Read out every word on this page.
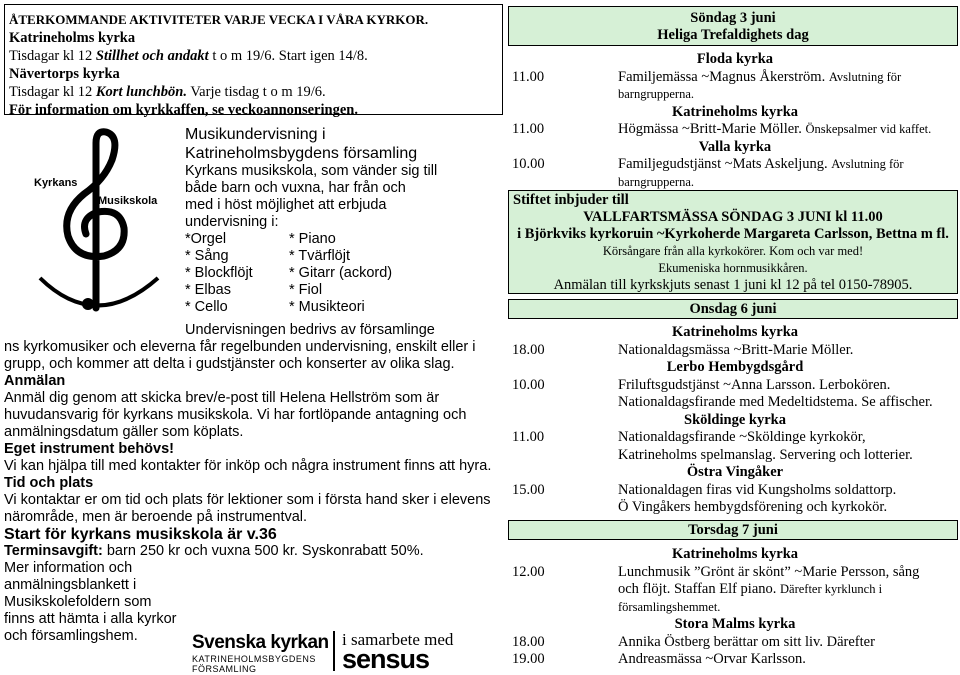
ÅTERKOMMANDE AKTIVITETER VARJE VECKA I VÅRA KYRKOR.
Katrineholms kyrka
Tisdagar kl 12 Stillhet och andakt t o m 19/6. Start igen 14/8.
Nävertorps kyrka
Tisdagar kl 12 Kort lunchbön. Varje tisdag t o m 19/6.
För information om kyrkkaffen, se veckoannonseringen.
Kyrkans
Musikskola
Musikundervisning i
Katrineholmsbygdens församling
Kyrkans musikskola, som vänder sig till
både barn och vuxna, har från och
med i höst möjlighet att erbjuda
undervisning i:
*Orgel	* Piano
* Sång	* Tvärflöjt
* Blockflöjt	* Gitarr (ackord)
* Elbas	* Fiol
* Cello	* Musikteori

Undervisningen bedrivs av församlinge
ns kyrkomusiker och eleverna får regelbunden undervisning, enskilt eller i grupp, och kommer att delta i gudstjänster och konserter av olika slag.

Anmälan

Anmäl dig genom att skicka brev/e-post till Helena Hellström som är huvudansvarig för kyrkans musikskola. Vi har fortlöpande antagning och anmälningsdatum gäller som köplats.

Eget instrument behövs!

Vi kan hjälpa till med kontakter för inköp och några instrument finns att hyra.

Tid och plats

Vi kontaktar er om tid och plats för lektioner som i första hand sker i elevens närområde, men är beroende på instrumentval.

Start för kyrkans musikskola är v.36

Terminsavgift: barn 250 kr och vuxna 500 kr. Syskonrabatt 50%.

Mer information och anmälningsblankett i Musikskolefoldern som finns att hämta i alla kyrkor och församlingshem.	Svenska kyrkan
KATRINEHOLMSBYGDENS
FÖRSAMLING
i samarbete med
sensus
Söndag 3 juni
Heliga Trefaldighets dag
Floda kyrka
11.00	Familjemässa ~Magnus Åkerström. Avslutning för barngrupperna.
Katrineholms kyrka
11.00	Högmässa ~Britt-Marie Möller. Önskepsalmer vid kaffet.
Valla kyrka
10.00	Familjegudstjänst ~Mats Askeljung. Avslutning för barngrupperna.
Stiftet inbjuder till
VALLFARTSMÄSSA SÖNDAG 3 JUNI kl 11.00
i Björkviks kyrkoruin ~Kyrkoherde Margareta Carlsson, Bettna m fl.
Körsångare från alla kyrkokörer. Kom och var med!
Ekumeniska hornmusikkåren.
Anmälan till kyrkskjuts senast 1 juni kl 12 på tel 0150-78905.
Onsdag 6 juni
Katrineholms kyrka
18.00	Nationaldagsmässa ~Britt-Marie Möller.
Lerbo Hembygdsgård
10.00	Friluftsgudstjänst ~Anna Larsson. Lerbokören.
Nationaldagsfirande med Medeltidstema. Se affischer.
Sköldinge kyrka
11.00	Nationaldagsfirande ~Sköldinge kyrkokör,
Katrineholms spelmanslag. Servering och lotterier.
Östra Vingåker
15.00	Nationaldagen firas vid Kungsholms soldattorp.
Ö Vingåkers hembygdsförening och kyrkokör.
Torsdag 7 juni
Katrineholms kyrka
12.00	Lunchmusik ”Grönt är skönt” ~Marie Persson, sång och flöjt. Staffan Elf piano. Därefter kyrklunch i församlingshemmet.
Stora Malms kyrka
18.00	Annika Östberg berättar om sitt liv. Därefter
19.00	Andreasmässa ~Orvar Karlsson.
